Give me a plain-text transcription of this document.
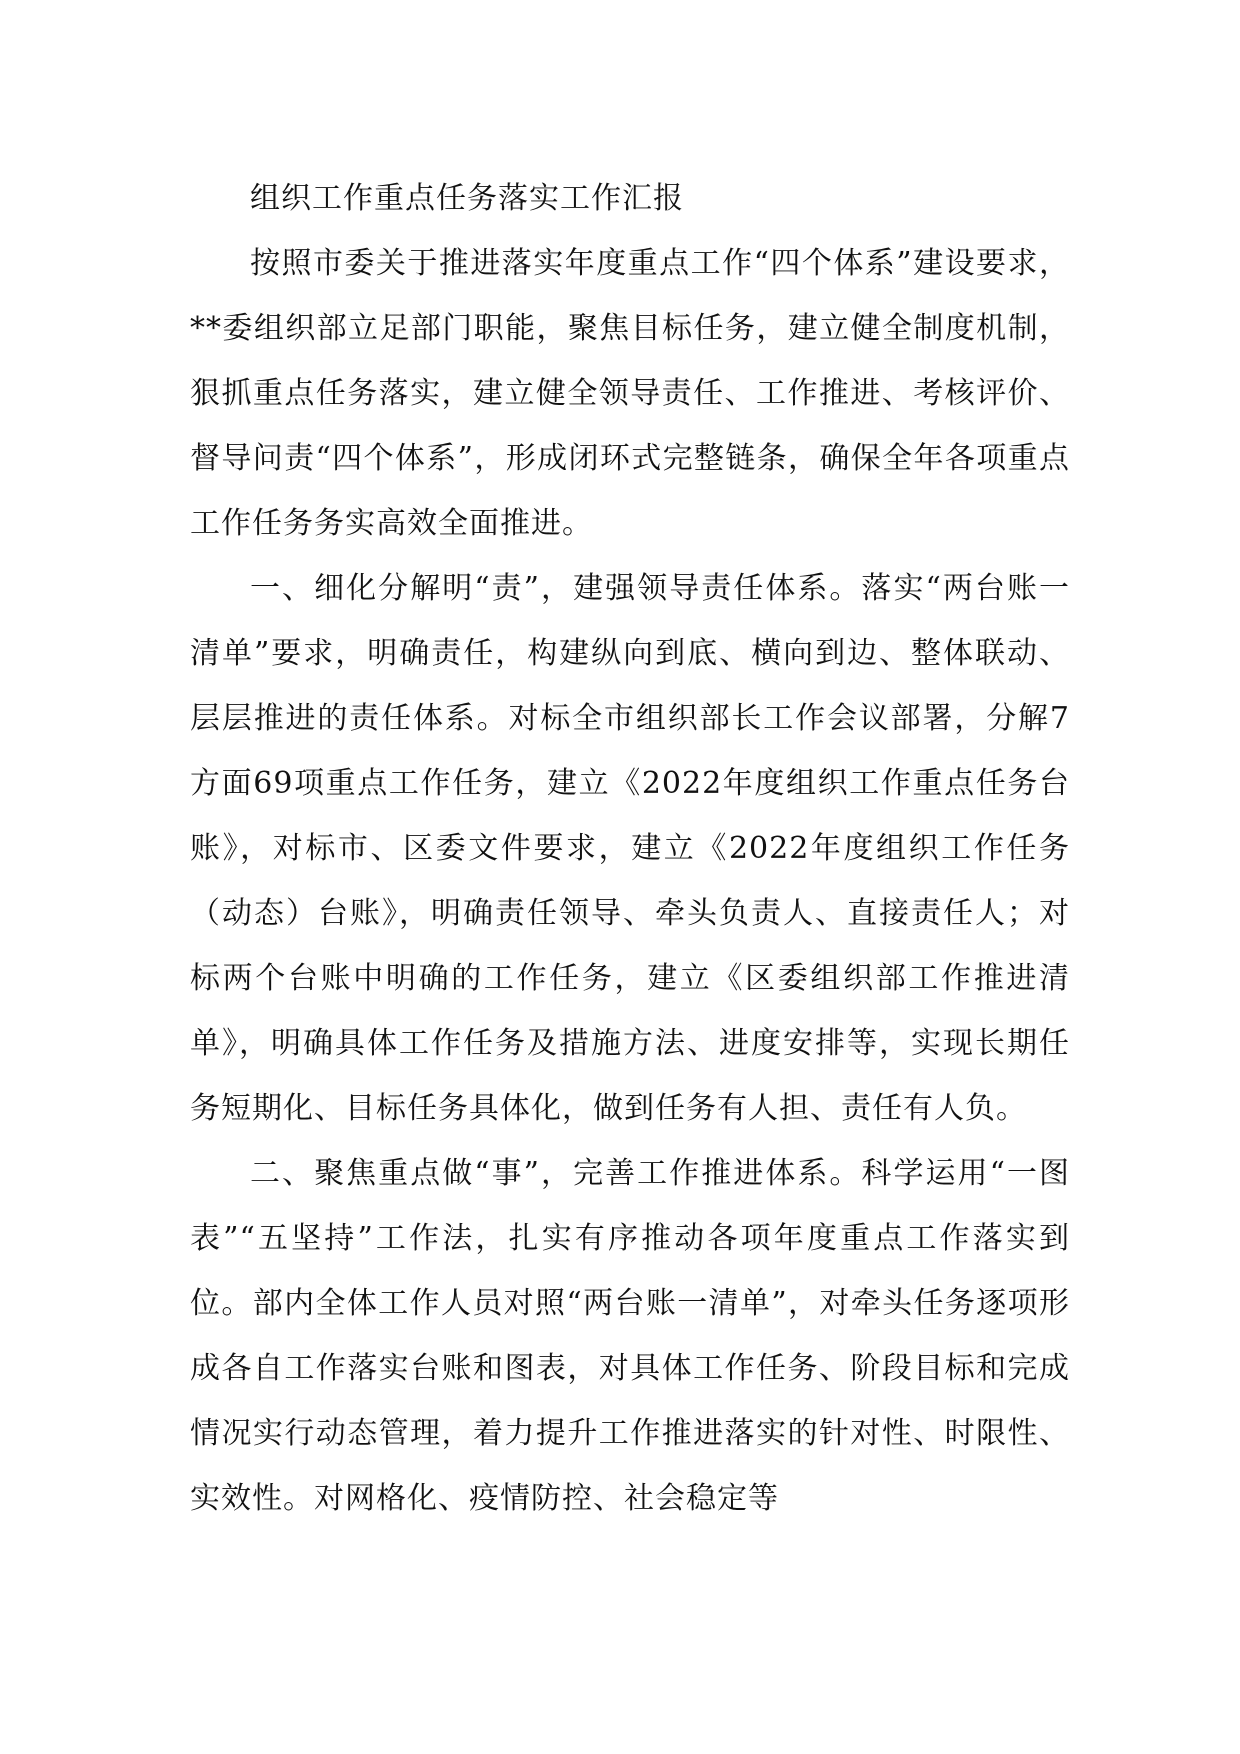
组织工作重点任务落实工作汇报

按照市委关于推进落实年度重点工作“四个体系”建设要求，**委组织部立足部门职能，聚焦目标任务，建立健全制度机制，狠抓重点任务落实，建立健全领导责任、工作推进、考核评价、督导问责“四个体系”，形成闭环式完整链条，确保全年各项重点工作任务务实高效全面推进。

一、细化分解明“责”，建强领导责任体系。落实“两台账一清单”要求，明确责任，构建纵向到底、横向到边、整体联动、层层推进的责任体系。对标全市组织部长工作会议部署，分解7方面69项重点工作任务，建立《2022年度组织工作重点任务台账》，对标市、区委文件要求，建立《2022年度组织工作任务（动态）台账》，明确责任领导、牵头负责人、直接责任人；对标两个台账中明确的工作任务，建立《区委组织部工作推进清单》，明确具体工作任务及措施方法、进度安排等，实现长期任务短期化、目标任务具体化，做到任务有人担、责任有人负。

二、聚焦重点做“事”，完善工作推进体系。科学运用“一图表”“五坚持”工作法，扎实有序推动各项年度重点工作落实到位。部内全体工作人员对照“两台账一清单”，对牵头任务逐项形成各自工作落实台账和图表，对具体工作任务、阶段目标和完成情况实行动态管理，着力提升工作推进落实的针对性、时限性、实效性。对网格化、疫情防控、社会稳定等
